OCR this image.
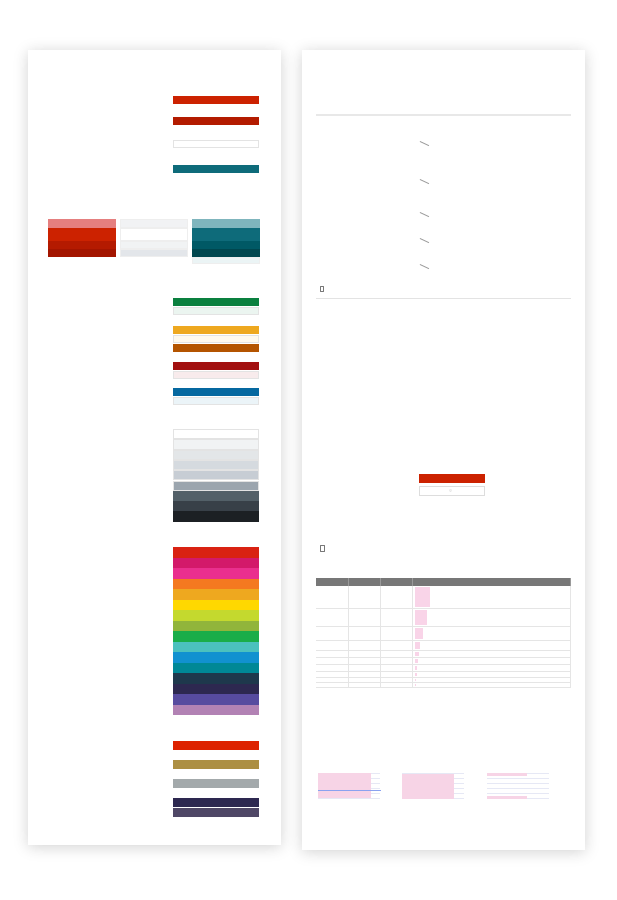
♡
